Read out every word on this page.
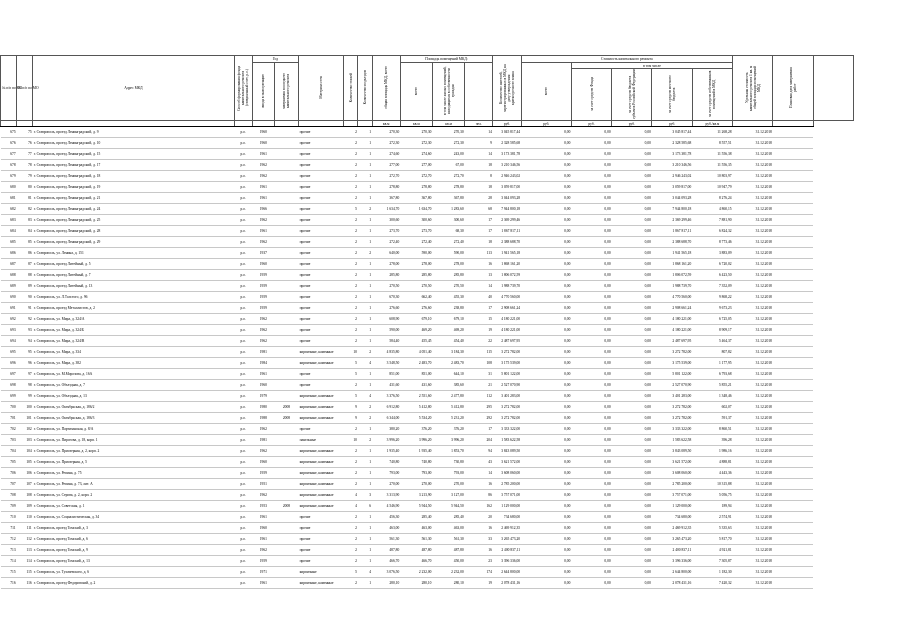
№ п/п по КП	№ п/п по МО	Адрес МКД	Способ формирования фонда капитального ремонта (специальный счет, р.о.)	Год		Материал стен	Количество этажей	Количество подъездов	общая площадь МКД, всего	Площадь помещений МКД:			Количество жителей, зарегистрированных в МКД на дату утверждения краткосрочного плана	Стоимость капитального ремонта					Удельная стоимость капитального ремонта 1 кв. м общей площади помещений МКД	Плановая дата завершения работ	
				ввода в эксплуатацию	завершения последнего капитального ремонта					всего	в том числе жилых помещений, находящихся в собственности граждан			всего	в том числе						
															за счет средств Фонда	за счет средств бюджета субъекта Российской Федерации	за счет средств местного бюджета	за счет средств собственников помещений в МКД			
									кв.м	кв.м	кв.м	чел.	руб.	руб.	руб.	руб.	руб.	руб./кв.м			
675	75	г. Ставрополь, проезд Ленинградский, д. 9	р.о.	1960		прочие	2	1	270,30	270,30	270,30	14	3 045 817,44	0,00	0,00	0,00	3 045 817,44	11 268,28	31.12.2018		
676	76	г. Ставрополь, проезд Ленинградский, д. 10	р.о.	1960		прочие	2	1	272,30	272,30	272,30	9	2 328 585,68	0,00	0,00	0,00	2 328 585,68	8 557,51	31.12.2018		
677	77	г. Ставрополь, проезд Ленинградский, д. 15	р.о.	1961		прочие	2	1	274,60	274,60	243,00	14	3 173 381,78	0,00	0,00	0,00	3 173 381,78	11 556,38	31.12.2018		
678	78	г. Ставрополь, проезд Ленинградский, д. 17	р.о.	1962		прочие	2	1	277,00	277,00	67,00	18	3 210 346,56	0,00	0,00	0,00	3 210 346,56	11 556,35	31.12.2018		
679	79	г. Ставрополь, проезд Ленинградский, д. 18	р.о.	1962		прочие	2	1	272,70	272,70	272,70	8	2 946 243,02	0,00	0,00	0,00	2 946 243,02	10 803,97	31.12.2018		
680	80	г. Ставрополь, проезд Ленинградский, д. 19	р.о.	1961		прочие	2	1	278,80	278,80	278,80	18	3 059 817,00	0,00	0,00	0,00	3 059 817,00	10 947,79	31.12.2018		
681	81	г. Ставрополь, проезд Ленинградский, д. 21	р.о.	1961		прочие	2	1	367,80	367,80	367,80	28	3 044 093,28	0,00	0,00	0,00	3 044 093,28	8 276,24	31.12.2018		
682	82	г. Ставрополь, проезд Ленинградский, д. 24	р.о.	1966		прочие	5	2	1 634,70	1 634,70	1 283,60	68	7 944 800,18	0,00	0,00	0,00	7 944 800,18	4 860,15	31.12.2018		
683	83	г. Ставрополь, проезд Ленинградский, д. 25	р.о.	1962		прочие	2	1	300,60	300,60	300,60	17	2 369 299,46	0,00	0,00	0,00	2 369 299,46	7 881,90	31.12.2018		
684	84	г. Ставрополь, проезд Ленинградский, д. 28	р.о.	1961		прочие	2	1	273,70	273,70	68,30	17	1 867 817,11	0,00	0,00	0,00	1 867 817,11	6 824,32	31.12.2018		
685	85	г. Ставрополь, проезд Ленинградский, д. 29	р.о.	1962		прочие	2	1	272,40	272,40	272,40	18	2 388 688,70	0,00	0,00	0,00	2 388 688,70	8 773,46	31.12.2018		
686	86	г. Ставрополь, ул. Ленина, д. 151	р.о.	1937		прочие	2	2	640,00	590,00	590,00	113	1 941 565,18	0,00	0,00	0,00	1 941 565,18	3 883,09	31.12.2018		
687	87	г. Ставрополь, проезд Литейный, д. 5	р.о.	1960		прочие	2	1	278,00	278,00	278,00	16	1 868 161,20	0,00	0,00	0,00	1 868 161,20	6 720,02	31.12.2018		
688	88	г. Ставрополь, проезд Литейный, д. 7	р.о.	1959		прочие	2	1	285,80	285,80	285,80	13	1 806 072,59	0,00	0,00	0,00	1 806 072,59	6 423,50	31.12.2018		
689	89	г. Ставрополь, проезд Литейный, д. 13	р.о.	1959		прочие	2	1	270,50	270,50	270,50	14	1 988 739,70	0,00	0,00	0,00	1 988 739,70	7 352,09	31.12.2018		
690	90	г. Ставрополь, ул. Л.Толстого, д. 96	р.о.	1959		прочие	2	1	670,30	662,40	455,30	40	4 770 560,00	0,00	0,00	0,00	4 770 560,00	9 868,22	31.12.2018		
691	91	г. Ставрополь, проезд Металлистов, д. 2	р.о.	1959		прочие	2	1	276,60	276,60	238,80	17	2 908 661,24	0,00	0,00	0,00	2 908 661,24	9 673,23	31.12.2018		
692	92	г. Ставрополь, ул. Мира, д. 324/А	р.о.	1962		прочие	2	1	608,90	679,10	679,10	15	4 180 221,00	0,00	0,00	0,00	4 180 221,00	6 725,05	31.12.2018		
693	93	г. Ставрополь, ул. Мира, д. 324/Б	р.о.	1962		прочие	2	1	590,00	469,20	469,20	19	4 180 221,00	0,00	0,00	0,00	4 180 221,00	8 909,17	31.12.2018		
694	94	г. Ставрополь, ул. Мира, д. 324/В	р.о.	1962		прочие	2	1	584,40	455,45	454,40	22	2 487 697,95	0,00	0,00	0,00	2 487 697,95	5 464,37	31.12.2018		
695	95	г. Ставрополь, ул. Мира, д. 334	р.о.	1981		кирпичные, каменные	10	2	4 835,80	4 051,40	3 184,30	115	3 272 782,00	0,00	0,00	0,00	3 272 782,00	807,82	31.12.2018		
696	96	г. Ставрополь, ул. Мира, д. 382	р.о.	1984		кирпичные, каменные	5	4	3 548,50	2 483,70	2 483,70	108	3 175 539,00	0,00	0,00	0,00	3 175 539,00	1 177,95	31.12.2018		
697	97	г. Ставрополь, ул. М.Морозова, д. 16А	р.о.	1961		прочие	5	1	851,00	851,00	644,10	31	5 801 122,00	0,00	0,00	0,00	5 801 122,00	6 793,68	31.12.2018		
698	98	г. Ставрополь, ул. Объездная, д. 7	р.о.	1960		прочие	2	1	431,60	431,60	385,60	21	2 527 070,90	0,00	0,00	0,00	2 527 070,90	5 855,21	31.12.2018		
699	99	г. Ставрополь, ул. Объездная, д. 13	р.о.	1979		кирпичные, каменные	5	4	3 376,50	2 551,60	2 477,80	112	3 401 283,00	0,00	0,00	0,00	3 401 283,00	1 348,46	31.12.2018		
700	100	г. Ставрополь, ул. Октябрьская, д. 186/2	р.о.	1980	2008	кирпичные, каменные	9	2	6 912,80	5 412,80	5 412,80	295	3 272 782,00	0,00	0,00	0,00	3 272 782,00	602,07	31.12.2018		
701	101	г. Ставрополь, ул. Октябрьская, д. 186/3	р.о.	1988	2008	кирпичные, каменные	9	2	6 344,00	5 534,20	5 231,20	292	3 272 782,00	0,00	0,00	0,00	3 272 782,00	591,37	31.12.2018		
702	102	г. Ставрополь, ул. Партизанская, д. 8/А	р.о.	1962		прочие	2	1	380,20	376,20	376,20	17	3 333 322,00	0,00	0,00	0,00	3 333 322,00	8 860,51	31.12.2018		
703	103	г. Ставрополь, ул. Пирогова, д. 18, корп. 1	р.о.	1981		панельные	10	2	3 996,20	3 996,20	3 996,20	204	1 583 622,58	0,00	0,00	0,00	1 583 622,58	396,28	31.12.2018		
704	104	г. Ставрополь, ул. Приозерная, д. 2, корп. 2	р.о.	1962		кирпичные, каменные	2	1	1 935,40	1 935,40	1 853,70	94	3 843 089,50	0,00	0,00	0,00	3 843 089,50	1 986,16	31.12.2018		
705	105	г. Ставрополь, ул. Приозерная, д. 5	р.о.	1960		кирпичные, каменные	2	1	740,80	740,80	730,80	43	3 621 572,00	0,00	0,00	0,00	3 621 572,00	4 888,81	31.12.2018		
706	106	г. Ставрополь, ул. Репина, д. 75	р.о.	1959		кирпичные, каменные	2	1	793,00	793,00	793,00	14	3 608 060,00	0,00	0,00	0,00	3 608 060,00	4 443,36	31.12.2018		
707	107	г. Ставрополь, ул. Репина, д. 73, лит. А	р.о.	1951		кирпичные, каменные	2	1	270,00	270,00	270,00	16	2 785 200,00	0,00	0,00	0,00	2 785 200,00	10 315,88	31.12.2018		
708	108	г. Ставрополь, ул. Серова, д. 2, корп. 2	р.о.	1962		кирпичные, каменные	4	3	3 313,90	3 213,90	3 127,00	86	3 757 071,00	0,00	0,00	0,00	3 757 071,00	5 056,75	31.12.2018		
709	109	г. Ставрополь, ул. Советская, д. 1	р.о.	1953	2008	кирпичные, каменные	4	6	4 546,90	5 944,50	5 944,50	162	1 129 000,00	0,00	0,00	0,00	1 129 000,00	189,94	31.12.2018		
710	110	г. Ставрополь, ул. Социалистическая, д. 34	р.о.	1961		прочие	2	1	456,30	285,40	285,40	20	734 680,00	0,00	0,00	0,00	734 680,00	2 574,91	31.12.2018		
711	111	г. Ставрополь, проезд Томский, д. 3	р.о.	1960		прочие	2	1	463,00	463,00	463,00	16	2 469 912,35	0,00	0,00	0,00	2 469 912,35	5 335,63	31.12.2018		
712	112	г. Ставрополь, проезд Томский, д. 6	р.о.	1961		прочие	2	1	561,30	561,30	561,30	33	3 265 473,20	0,00	0,00	0,00	3 265 473,20	5 817,70	31.12.2018		
713	113	г. Ставрополь, проезд Томский, д. 9	р.о.	1962		прочие	2	1	487,80	487,80	487,80	16	2 400 837,11	0,00	0,00	0,00	2 400 837,11	4 921,81	31.12.2018		
714	114	г. Ставрополь, проезд Томский, д. 13	р.о.	1959		прочие	2	1	466,70	466,70	450,00	23	3 396 336,00	0,00	0,00	0,00	3 396 336,00	7 305,87	31.12.2018		
715	115	г. Ставрополь, ул. Тухачевского, д. 6	р.о.	1971		кирпичные	5	4	3 076,50	2 232,00	2 232,00	174	2 644 800,00	0,00	0,00	0,00	2 644 800,00	1 182,30	31.12.2018		
716	116	г. Ставрополь, проезд Федоровский, д. 2	р.о.	1961		кирпичные, каменные	2	1	280,10	280,10	280,10	19	2 078 431,16	0,00	0,00	0,00	2 078 431,16	7 420,32	31.12.2018		
